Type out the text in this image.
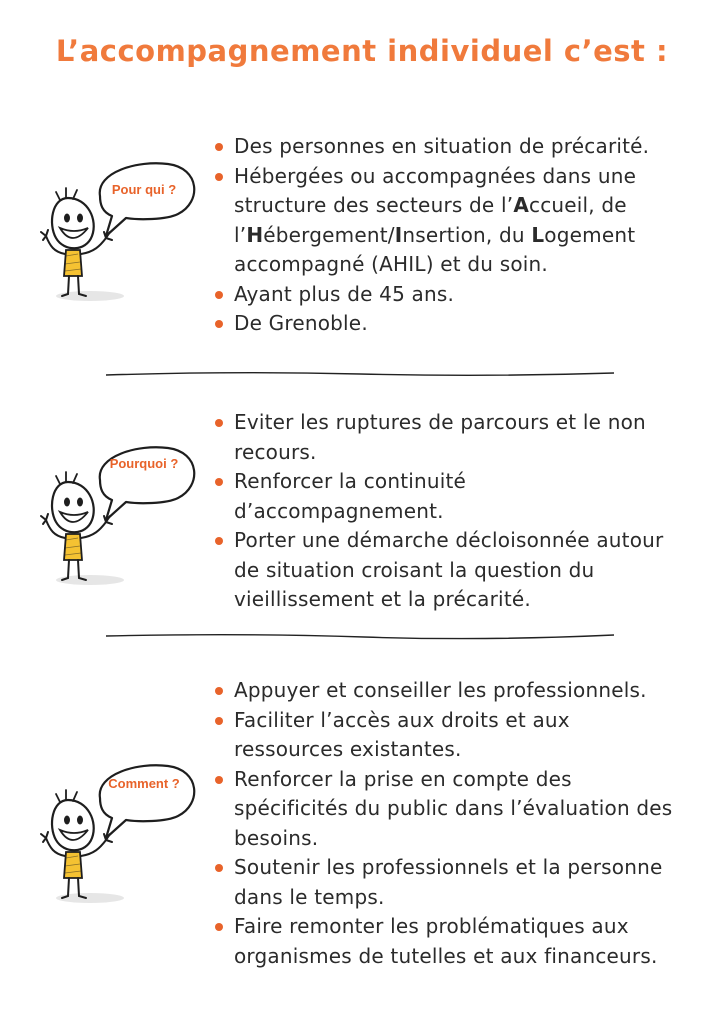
L’accompagnement individuel c’est :
Pour qui ?
Des personnes en situation de précarité.
Hébergées ou accompagnées dans une structure des secteurs de l’Accueil, de l’Hébergement/Insertion, du Logement accompagné (AHIL) et du soin.
Ayant plus de 45 ans.
De Grenoble.
Pourquoi ?
Eviter les ruptures de parcours et le non recours.
Renforcer la continuité d’accompagnement.
Porter une démarche décloisonnée autour de situation croisant la question du vieillissement et la précarité.
Comment ?
Appuyer et conseiller les professionnels.
Faciliter l’accès aux droits et aux ressources existantes.
Renforcer la prise en compte des spécificités du public dans l’évaluation des besoins.
Soutenir les professionnels et la personne dans le temps.
Faire remonter les problématiques aux organismes de tutelles et aux financeurs.
